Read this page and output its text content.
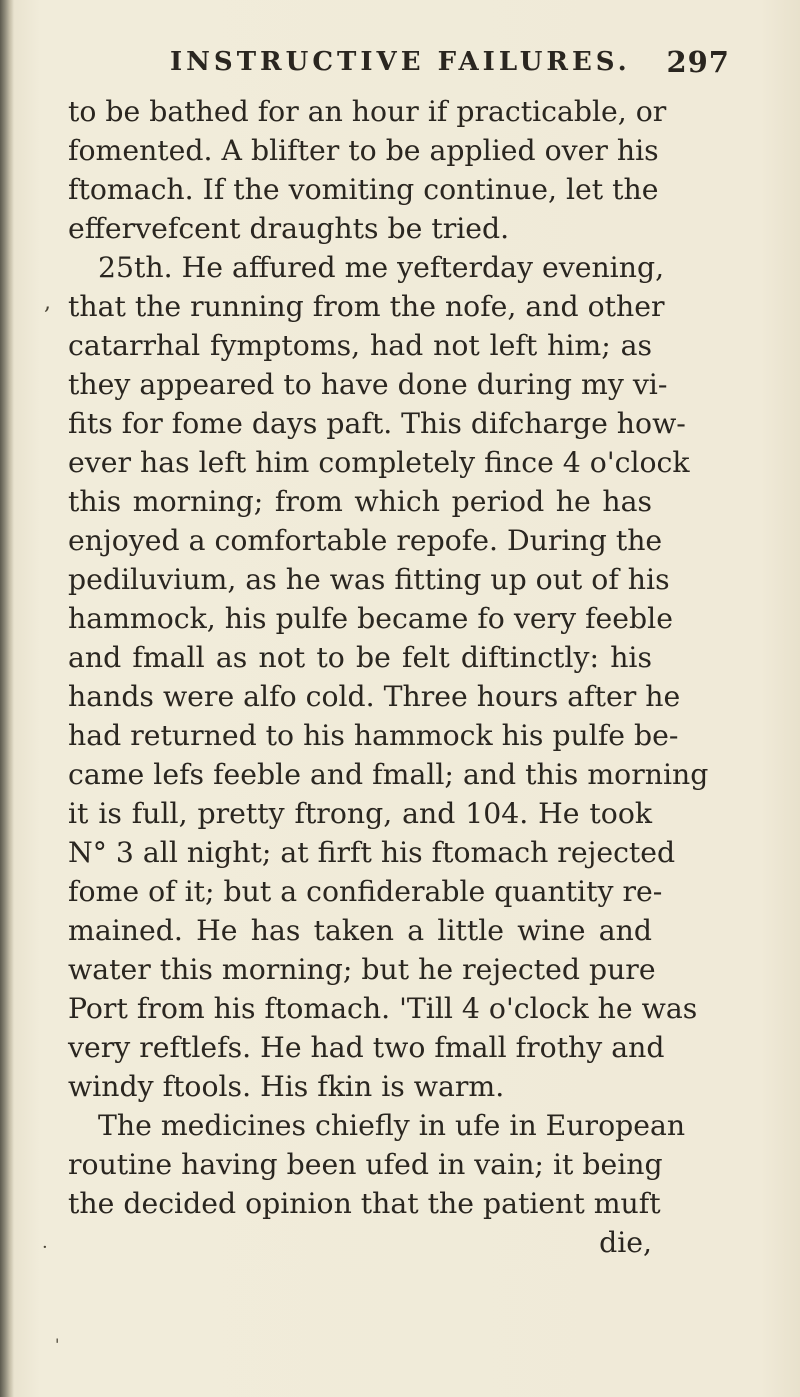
INSTRUCTIVE FAILURES. 297
to be bathed for an hour if practicable, or
fomented. A blifter to be applied over his
ftomach. If the vomiting continue, let the
effervefcent draughts be tried.
25th. He affured me yefterday evening,
that the running from the nofe, and other
catarrhal fymptoms, had not left him; as
they appeared to have done during my vi-
fits for fome days paft. This difcharge how-
ever has left him completely fince 4 o'clock
this morning; from which period he has
enjoyed a comfortable repofe. During the
pediluvium, as he was fitting up out of his
hammock, his pulfe became fo very feeble
and fmall as not to be felt diftinctly: his
hands were alfo cold. Three hours after he
had returned to his hammock his pulfe be-
came lefs feeble and fmall; and this morning
it is full, pretty ftrong, and 104. He took
N° 3 all night; at firft his ftomach rejected
fome of it; but a confiderable quantity re-
mained. He has taken a little wine and
water this morning; but he rejected pure
Port from his ftomach. 'Till 4 o'clock he was
very reftlefs. He had two fmall frothy and
windy ftools. His fkin is warm.
The medicines chiefly in ufe in European
routine having been ufed in vain; it being
the decided opinion that the patient muft
die,
,
·
'
